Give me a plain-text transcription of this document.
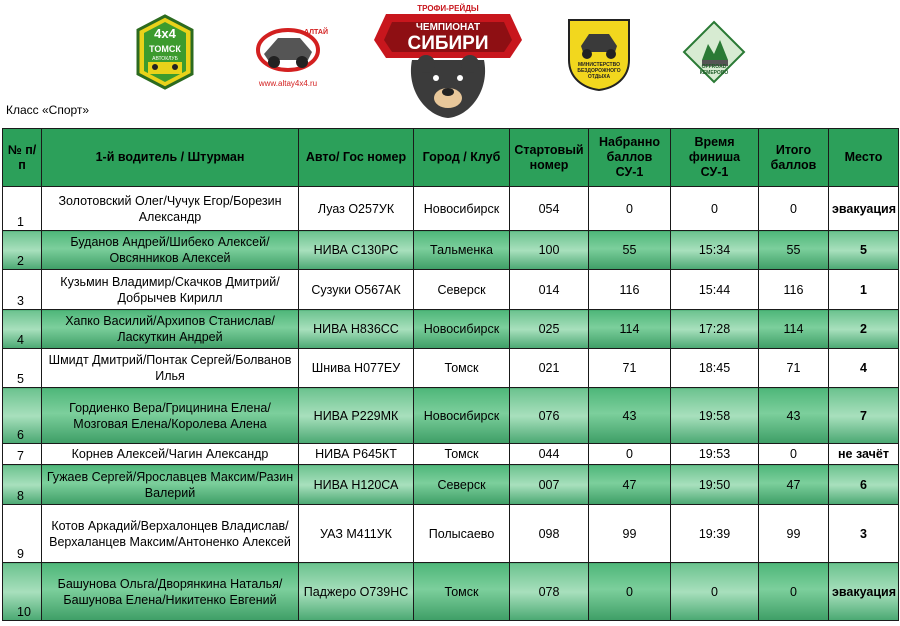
4x4
ТОМСК
АВТОКЛУБ
АЛТАЙ
www.altay4x4.ru
ТРОФИ-РЕЙДЫ
ЧЕМПИОНАТ
СИБИРИ
МИНИСТЕРСТВО БЕЗДОРОЖНОГО ОТДЫХА
OFFROAD КЕМЕРОВО
Класс «Спорт»
№ п/п	1-й водитель / Штурман	Авто/ Гос номер	Город / Клуб	Стартовый номер	Набранно баллов СУ-1	Время финиша СУ-1	Итого баллов	Место
1	Золотовский Олег/Чучук Егор/Борезин Александр	Луаз О257УК	Новосибирск	054	0	0	0	эвакуация
2	Буданов Андрей/Шибеко Алексей/Овсянников Алексей	НИВА С130РС	Тальменка	100	55	15:34	55	5
3	Кузьмин Владимир/Скачков Дмитрий/Добрычев Кирилл	Сузуки О567АК	Северск	014	116	15:44	116	1
4	Хапко Василий/Архипов Станислав/Ласкуткин Андрей	НИВА Н836СС	Новосибирск	025	114	17:28	114	2
5	Шмидт Дмитрий/Понтак Сергей/Болванов Илья	Шнива Н077ЕУ	Томск	021	71	18:45	71	4
6	Гордиенко Вера/Грицинина Елена/Мозговая Елена/Королева Алена	НИВА Р229МК	Новосибирск	076	43	19:58	43	7
7	Корнев Алексей/Чагин Александр	НИВА Р645КТ	Томск	044	0	19:53	0	не зачёт
8	Гужаев Сергей/Ярославцев Максим/Разин Валерий	НИВА Н120СА	Северск	007	47	19:50	47	6
9	Котов Аркадий/Верхалонцев Владислав/Верхаланцев Максим/Антоненко Алексей	УАЗ М411УК	Полысаево	098	99	19:39	99	3
10	Башунова Ольга/Дворянкина Наталья/Башунова Елена/Никитенко Евгений	Паджеро О739НС	Томск	078	0	0	0	эвакуация
